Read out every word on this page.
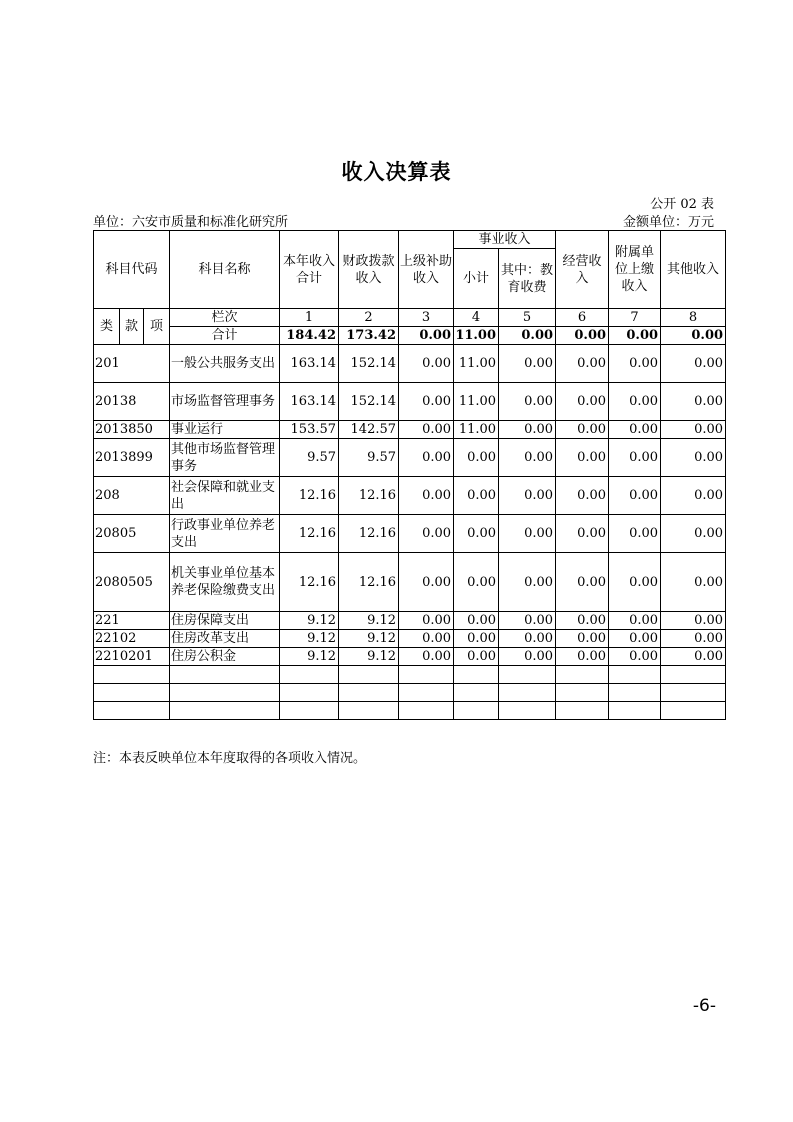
收入决算表
公开 02 表
单位：六安市质量和标准化研究所	金额单位：万元
科目代码			科目名称	本年收入合计	财政拨款收入	上级补助收入	事业收入		经营收入	附属单位上缴收入	其他收入
							小计	其中：教育收费			

类	款	项	栏次	1	2	3	4	5	6	7	8
			合计	184.42	173.42	0.00	11.00	0.00	0.00	0.00	0.00
201			一般公共服务支出	163.14	152.14	0.00	11.00	0.00	0.00	0.00	0.00
20138			市场监督管理事务	163.14	152.14	0.00	11.00	0.00	0.00	0.00	0.00
2013850			事业运行	153.57	142.57	0.00	11.00	0.00	0.00	0.00	0.00
2013899			其他市场监督管理事务	9.57	9.57	0.00	0.00	0.00	0.00	0.00	0.00
208			社会保障和就业支出	12.16	12.16	0.00	0.00	0.00	0.00	0.00	0.00
20805			行政事业单位养老支出	12.16	12.16	0.00	0.00	0.00	0.00	0.00	0.00
2080505			机关事业单位基本养老保险缴费支出	12.16	12.16	0.00	0.00	0.00	0.00	0.00	0.00
221			住房保障支出	9.12	9.12	0.00	0.00	0.00	0.00	0.00	0.00
22102			住房改革支出	9.12	9.12	0.00	0.00	0.00	0.00	0.00	0.00
2210201			住房公积金	9.12	9.12	0.00	0.00	0.00	0.00	0.00	0.00

注：本表反映单位本年度取得的各项收入情况。
-6-
